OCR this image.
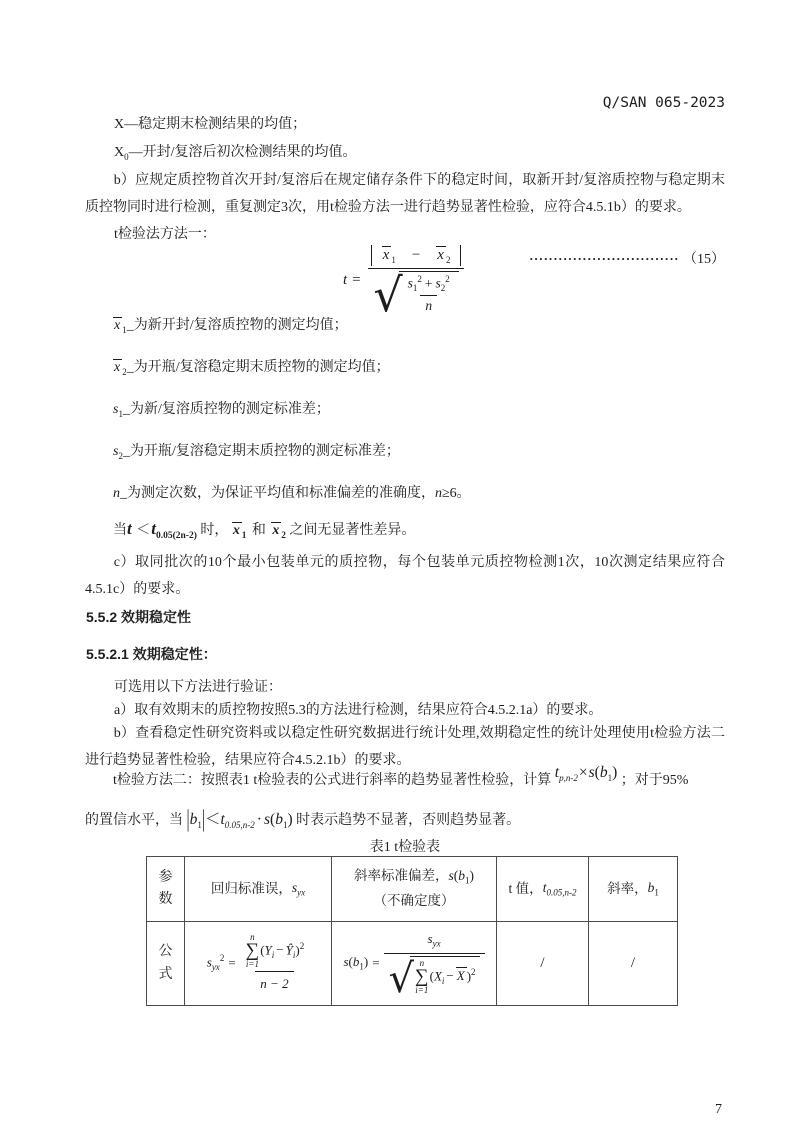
Q/SAN 065-2023
X—稳定期末检测结果的均值；
$X_0—$开封/复溶后初次检测结果的均值。
b）应规定质控物首次开封/复溶后在规定储存条件下的稳定时间，取新开封/复溶质控物与稳定期末质控物同时进行检测，重复测定3次，用t检验方法一进行趋势显著性检验，应符合4.5.1b）的要求。
t检验法方法一：
t =
x $_1$ − x $_2$
√ $\frac{s_1^2 + s_2^2}{n}$
······························· （15）
x $_1$_为新开封/复溶质控物的测定均值；
x $_2$_为开瓶/复溶稳定期末质控物的测定均值；
$s_1\_$为新/复溶质控物的测定标准差；
$s_2\_$为开瓶/复溶稳定期末质控物的测定标准差；
n_为测定次数，为保证平均值和标准偏差的准确度，n≥6。
当$t <t_{0.05(2n-2)}$ 时， x $_1$ 和 x $_2$ 之间无显著性差异。
c）取同批次的10个最小包装单元的质控物，每个包装单元质控物检测1次，10次测定结果应符合4.5.1c）的要求。
5.5.2 效期稳定性
5.5.2.1 效期稳定性：
可选用以下方法进行验证：
a）取有效期末的质控物按照5.3的方法进行检测，结果应符合4.5.2.1a）的要求。
b）查看稳定性研究资料或以稳定性研究数据进行统计处理,效期稳定性的统计处理使用t检验方法二进行趋势显著性检验，结果应符合4.5.2.1b）的要求。
t检验方法二：按照表1 t检验表的公式进行斜率的趋势显著性检验，计算 $t_{p,n-2}\times s(b_1)$ ；对于95%
的置信水平，当 $|b_1|<t_{0.05,n-2} \cdot s(b_1)$ 时表示趋势不显著，否则趋势显著。
表1 t检验表
参数
回归标准误， $s_{yx}$
斜率标准偏差，$s(b_1)$
（不确定度）
t 值， $t_{0.05,n-2}$ 斜率， $b_1$
公式
$s_{yx}^2 = n$
∑
i=1
($Y_i$ − $Ŷ_i)^2$
n − 2	$s(b_1)$ =
$s_{yx}$
√ n
∑
i=1
($X_i - X$ )$^2$
/	/
7
